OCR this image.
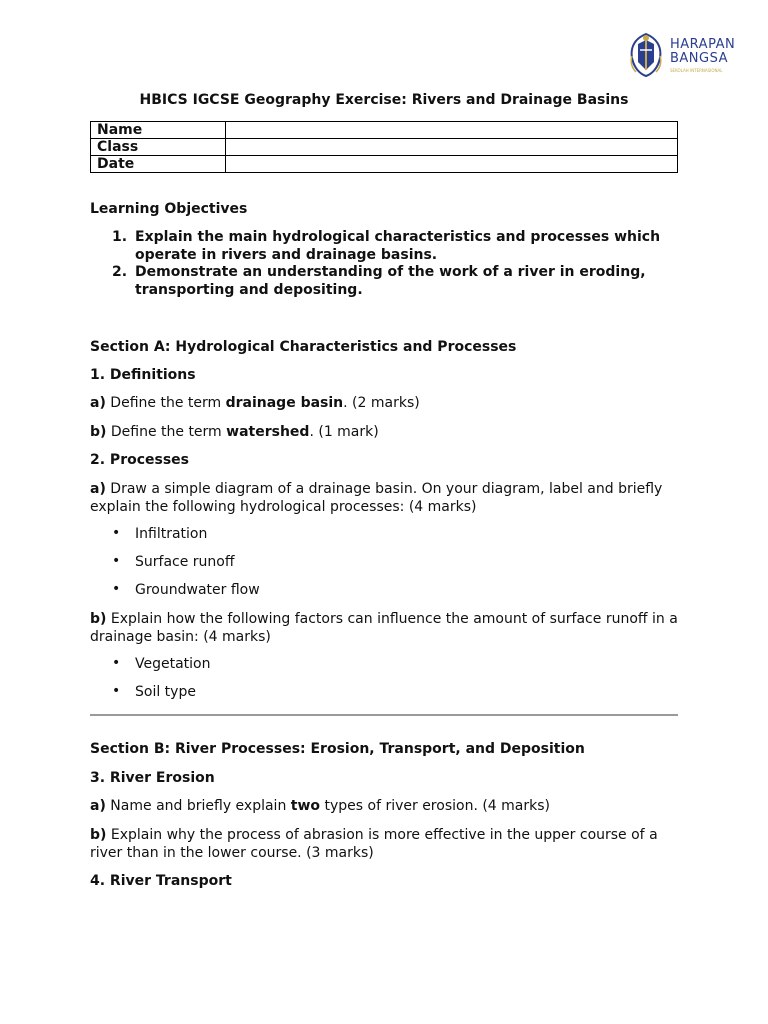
HARAPAN
BANGSA
SEKOLAH INTERNASIONAL
HBICS IGCSE Geography Exercise: Rivers and Drainage Basins
Name	
Class	
Date	
Learning Objectives
1. Explain the main hydrological characteristics and processes which
operate in rivers and drainage basins.
2. Demonstrate an understanding of the work of a river in eroding,
transporting and depositing.
Section A: Hydrological Characteristics and Processes
1. Definitions
a) Define the term drainage basin. (2 marks)
b) Define the term watershed. (1 mark)
2. Processes
a) Draw a simple diagram of a drainage basin. On your diagram, label and briefly
explain the following hydrological processes: (4 marks)
• Infiltration
• Surface runoff
• Groundwater flow
b) Explain how the following factors can influence the amount of surface runoff in a
drainage basin: (4 marks)
• Vegetation
• Soil type
Section B: River Processes: Erosion, Transport, and Deposition
3. River Erosion
a) Name and briefly explain two types of river erosion. (4 marks)
b) Explain why the process of abrasion is more effective in the upper course of a
river than in the lower course. (3 marks)
4. River Transport
